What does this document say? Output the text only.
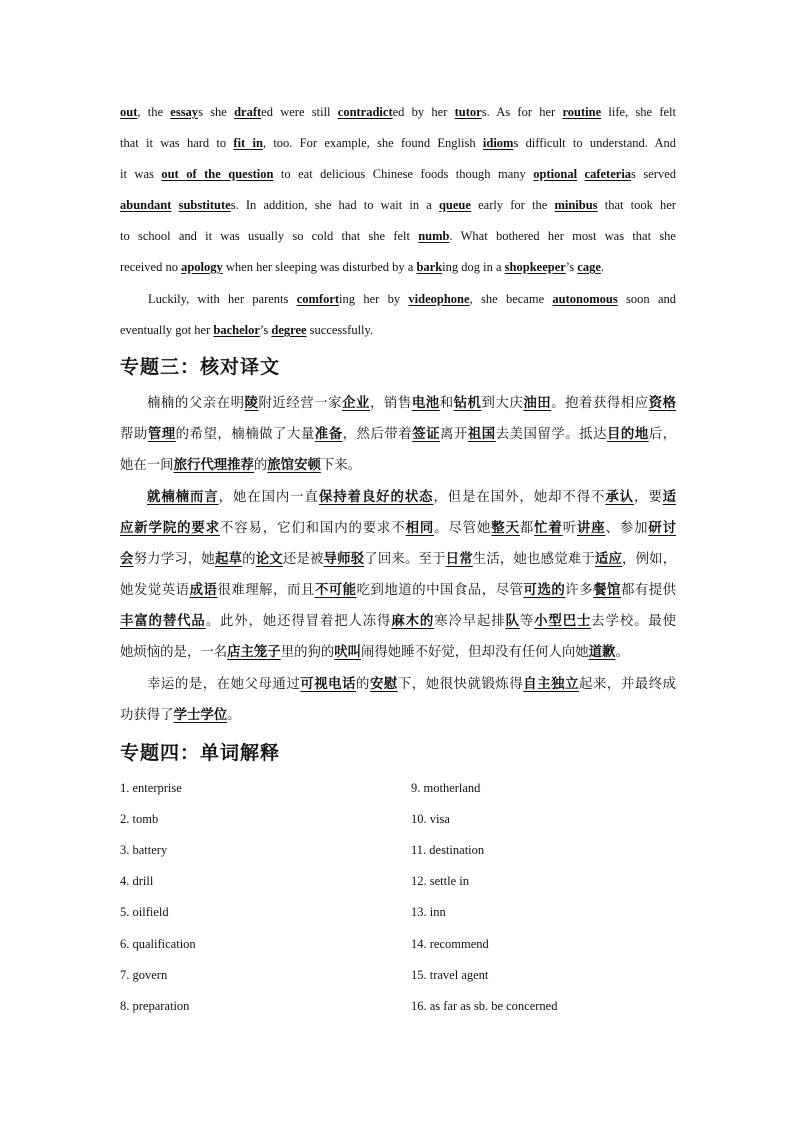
out, the essays she drafted were still contradicted by her tutors. As for her routine life, she felt
that it was hard to fit in, too. For example, she found English idioms difficult to understand. And
it was out of the question to eat delicious Chinese foods though many optional cafeterias served
abundant substitutes. In addition, she had to wait in a queue early for the minibus that took her
to school and it was usually so cold that she felt numb. What bothered her most was that she
received no apology when her sleeping was disturbed by a barking dog in a shopkeeper’s cage.
Luckily, with her parents comforting her by videophone, she became autonomous soon and
eventually got her bachelor’s degree successfully.
专题三：核对译文
楠楠的父亲在明陵附近经营一家企业，销售电池和钻机到大庆油田。抱着获得相应资格
帮助管理的希望，楠楠做了大量准备，然后带着签证离开祖国去美国留学。抵达目的地后，
她在一间旅行代理推荐的旅馆安顿下来。
就楠楠而言，她在国内一直保持着良好的状态，但是在国外，她却不得不承认，要适
应新学院的要求不容易，它们和国内的要求不相同。尽管她整天都忙着听讲座、参加研讨
会努力学习，她起草的论文还是被导师驳了回来。至于日常生活，她也感觉难于适应，例如，
她发觉英语成语很难理解，而且不可能吃到地道的中国食品，尽管可选的许多餐馆都有提供
丰富的替代品。此外，她还得冒着把人冻得麻木的寒冷早起排队等小型巴士去学校。最使
她烦恼的是，一名店主笼子里的狗的吠叫闹得她睡不好觉，但却没有任何人向她道歉。
幸运的是，在她父母通过可视电话的安慰下，她很快就锻炼得自主独立起来，并最终成
功获得了学士学位。
专题四：单词解释
1. enterprise
2. tomb
3. battery
4. drill
5. oilfield
6. qualification
7. govern
8. preparation
9. motherland
10. visa
11. destination
12. settle in
13. inn
14. recommend
15. travel agent
16. as far as sb. be concerned
